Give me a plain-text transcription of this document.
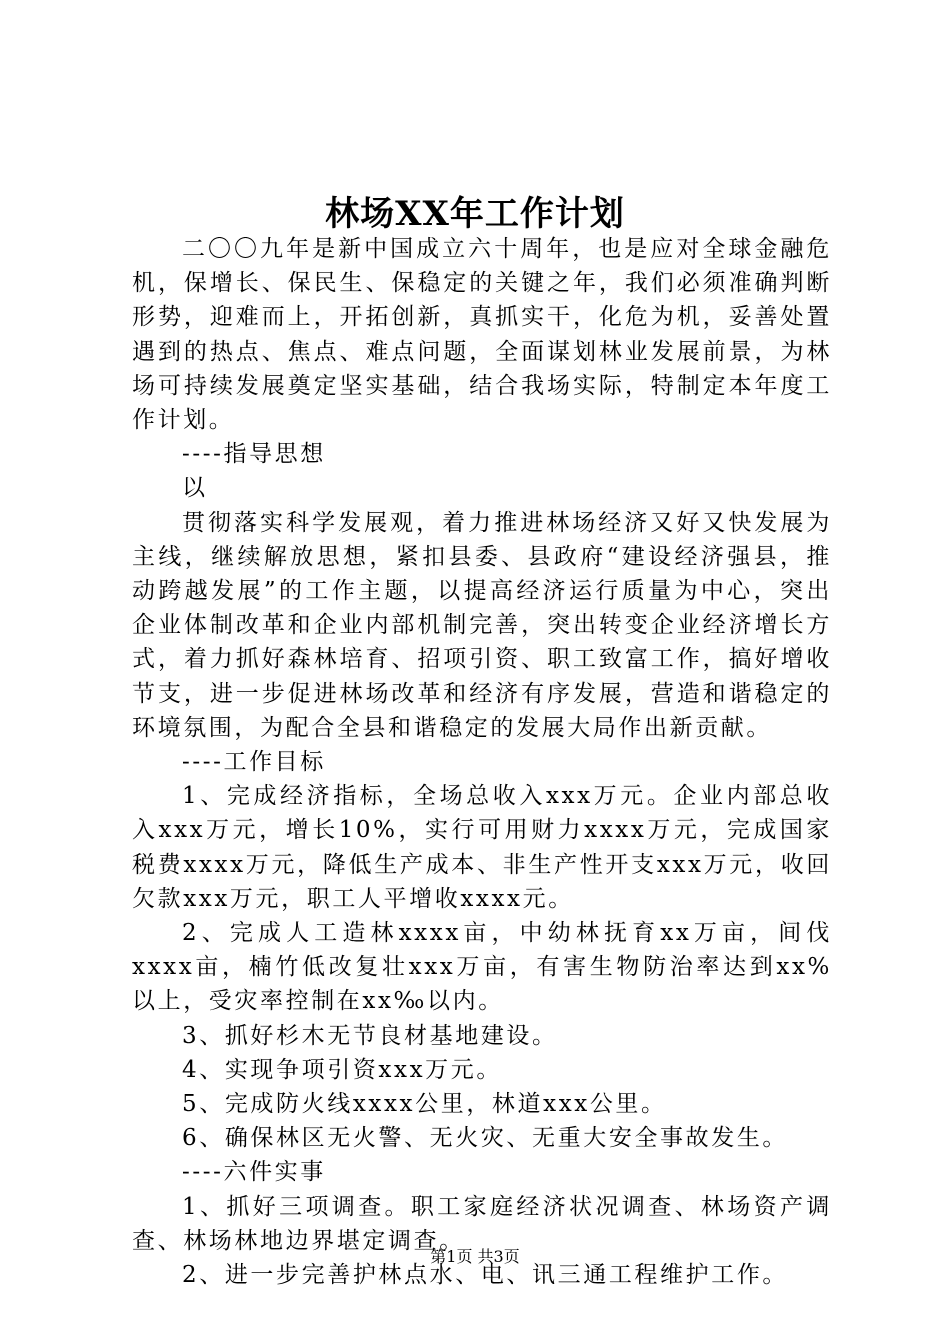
林场XX年工作计划

二〇〇九年是新中国成立六十周年，也是应对全球金融危机，保增长、保民生、保稳定的关键之年，我们必须准确判断形势，迎难而上，开拓创新，真抓实干，化危为机，妥善处置遇到的热点、焦点、难点问题，全面谋划林业发展前景，为林场可持续发展奠定坚实基础，结合我场实际，特制定本年度工作计划。

----指导思想

以

贯彻落实科学发展观，着力推进林场经济又好又快发展为主线，继续解放思想，紧扣县委、县政府“建设经济强县，推动跨越发展”的工作主题，以提高经济运行质量为中心，突出企业体制改革和企业内部机制完善，突出转变企业经济增长方式，着力抓好森林培育、招项引资、职工致富工作，搞好增收节支，进一步促进林场改革和经济有序发展，营造和谐稳定的环境氛围，为配合全县和谐稳定的发展大局作出新贡献。

----工作目标

1、完成经济指标，全场总收入xxx万元。企业内部总收入xxx万元，增长10%，实行可用财力xxxx万元，完成国家税费xxxx万元，降低生产成本、非生产性开支xxx万元，收回欠款xxx万元，职工人平增收xxxx元。

2、完成人工造林xxxx亩，中幼林抚育xx万亩，间伐xxxx亩，楠竹低改复壮xxx万亩，有害生物防治率达到xx%以上，受灾率控制在xx‰以内。

3、抓好杉木无节良材基地建设。

4、实现争项引资xxx万元。

5、完成防火线xxxx公里，林道xxx公里。

6、确保林区无火警、无火灾、无重大安全事故发生。

----六件实事

1、抓好三项调查。职工家庭经济状况调查、林场资产调查、林场林地边界堪定调查。

2、进一步完善护林点水、电、讯三通工程维护工作。

第1页 共3页
